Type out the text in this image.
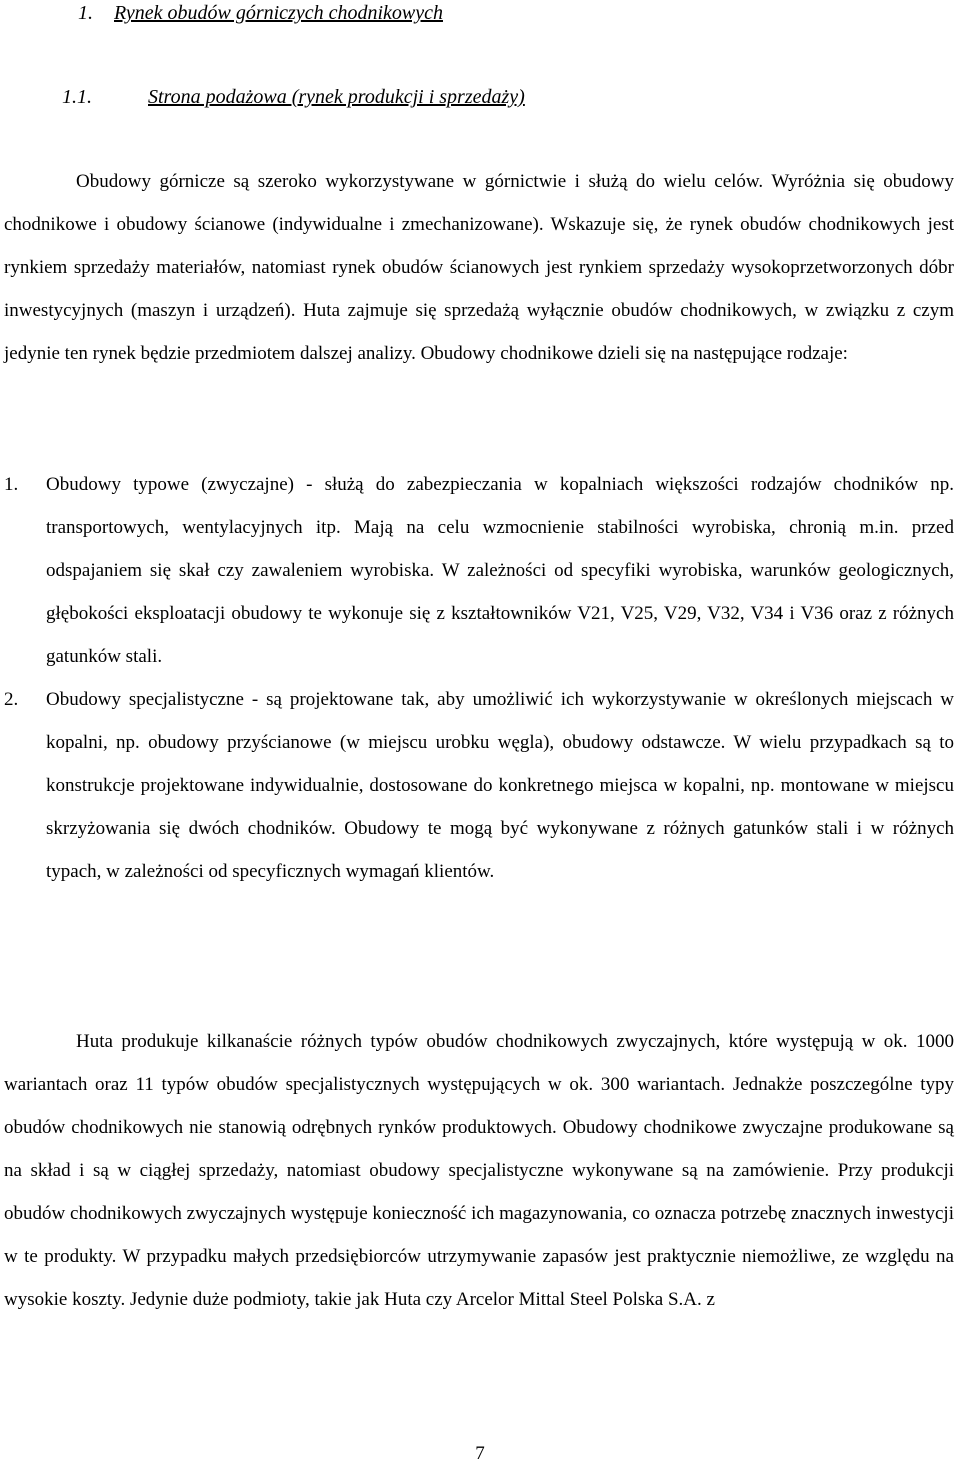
1. Rynek obudów górniczych chodnikowych
1.1.	Strona podażowa (rynek produkcji i sprzedaży)

Obudowy górnicze są szeroko wykorzystywane w górnictwie i służą do wielu celów. Wyróżnia się obudowy chodnikowe i obudowy ścianowe (indywidualne i zmechanizowane). Wskazuje się, że rynek obudów chodnikowych jest rynkiem sprzedaży materiałów, natomiast rynek obudów ścianowych jest rynkiem sprzedaży wysokoprzetworzonych dóbr inwestycyjnych (maszyn i urządzeń). Huta zajmuje się sprzedażą wyłącznie obudów chodnikowych, w związku z czym jedynie ten rynek będzie przedmiotem dalszej analizy. Obudowy chodnikowe dzieli się na następujące rodzaje:

1. Obudowy typowe (zwyczajne) - służą do zabezpieczania w kopalniach większości rodzajów chodników np. transportowych, wentylacyjnych itp. Mają na celu wzmocnienie stabilności wyrobiska, chronią m.in. przed odspajaniem się skał czy zawaleniem wyrobiska. W zależności od specyfiki wyrobiska, warunków geologicznych, głębokości eksploatacji obudowy te wykonuje się z kształtowników V21, V25, V29, V32, V34 i V36 oraz z różnych gatunków stali.
2. Obudowy specjalistyczne - są projektowane tak, aby umożliwić ich wykorzystywanie w określonych miejscach w kopalni, np. obudowy przyścianowe (w miejscu urobku węgla), obudowy odstawcze. W wielu przypadkach są to konstrukcje projektowane indywidualnie, dostosowane do konkretnego miejsca w kopalni, np. montowane w miejscu skrzyżowania się dwóch chodników. Obudowy te mogą być wykonywane z różnych gatunków stali i w różnych typach, w zależności od specyficznych wymagań klientów.

Huta produkuje kilkanaście różnych typów obudów chodnikowych zwyczajnych, które występują w ok. 1000 wariantach oraz 11 typów obudów specjalistycznych występujących w ok. 300 wariantach. Jednakże poszczególne typy obudów chodnikowych nie stanowią odrębnych rynków produktowych. Obudowy chodnikowe zwyczajne produkowane są na skład i są w ciągłej sprzedaży, natomiast obudowy specjalistyczne wykonywane są na zamówienie. Przy produkcji obudów chodnikowych zwyczajnych występuje konieczność ich magazynowania, co oznacza potrzebę znacznych inwestycji w te produkty. W przypadku małych przedsiębiorców utrzymywanie zapasów jest praktycznie niemożliwe, ze względu na wysokie koszty. Jedynie duże podmioty, takie jak Huta czy Arcelor Mittal Steel Polska S.A. z

7
